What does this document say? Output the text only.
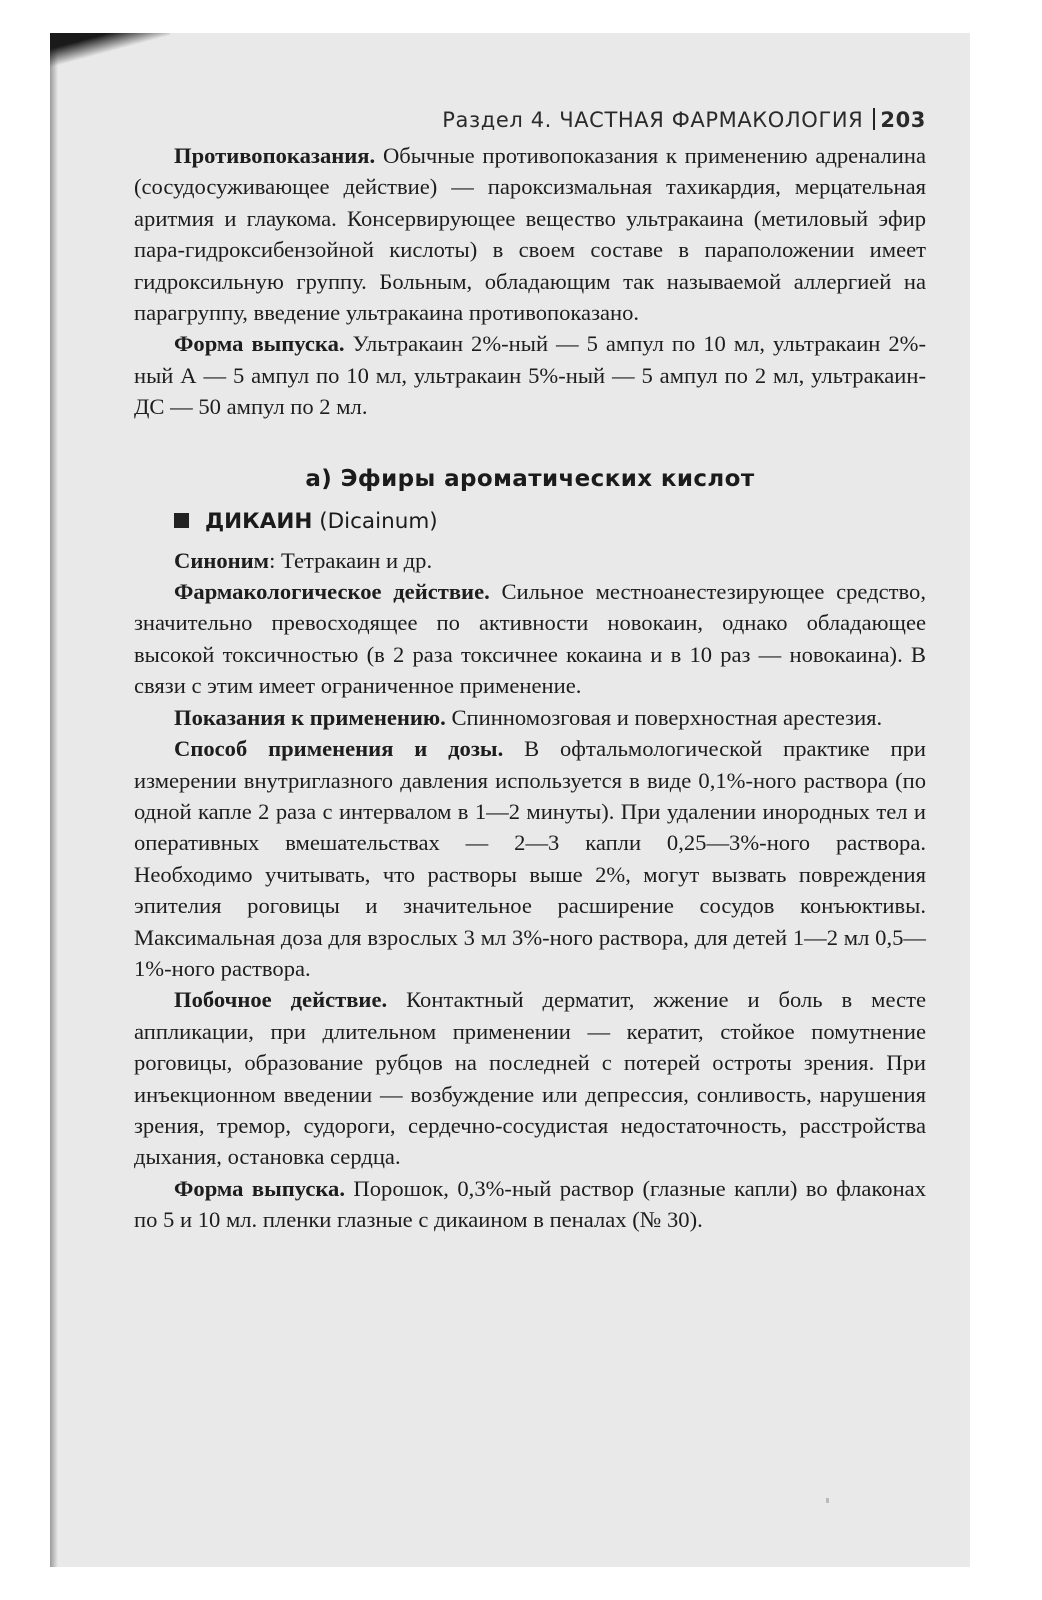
Раздел 4. ЧАСТНАЯ ФАРМАКОЛОГИЯ 203

Противопоказания. Обычные противопоказания к применению адреналина (сосудосуживающее действие) — пароксизмальная тахикардия, мерцательная аритмия и глаукома. Консервирующее вещество ультракаина (метиловый эфир пара-гидроксибензойной кислоты) в своем составе в параположении имеет гидроксильную группу. Больным, обладающим так называемой аллергией на парагруппу, введение ультракаина противопоказано.

Форма выпуска. Ультракаин 2%-ный — 5 ампул по 10 мл, ультракаин 2%-ный А — 5 ампул по 10 мл, ультракаин 5%-ный — 5 ампул по 2 мл, ультракаин-ДС — 50 ампул по 2 мл.

а) Эфиры ароматических кислот
ДИКАИН (Dicainum)

Синоним: Тетракаин и др.

Фармакологическое действие. Сильное местноанестезирующее средство, значительно превосходящее по активности новокаин, однако обладающее высокой токсичностью (в 2 раза токсичнее кокаина и в 10 раз — новокаина). В связи с этим имеет ограниченное применение.

Показания к применению. Спинномозговая и поверхностная арестезия.

Способ применения и дозы. В офтальмологической практике при измерении внутриглазного давления используется в виде 0,1%-ного раствора (по одной капле 2 раза с интервалом в 1—2 минуты). При удалении инородных тел и оперативных вмешательствах — 2—3 капли 0,25—3%-ного раствора. Необходимо учитывать, что растворы выше 2%, могут вызвать повреждения эпителия роговицы и значительное расширение сосудов конъюктивы. Максимальная доза для взрослых 3 мл 3%-ного раствора, для детей 1—2 мл 0,5—1%-ного раствора.

Побочное действие. Контактный дерматит, жжение и боль в месте аппликации, при длительном применении — кератит, стойкое помутнение роговицы, образование рубцов на последней с потерей остроты зрения. При инъекционном введении — возбуждение или депрессия, сонливость, нарушения зрения, тремор, судороги, сердечно-сосудистая недостаточность, расстройства дыхания, остановка сердца.

Форма выпуска. Порошок, 0,3%-ный раствор (глазные капли) во флаконах по 5 и 10 мл. пленки глазные с дикаином в пеналах (№ 30).
